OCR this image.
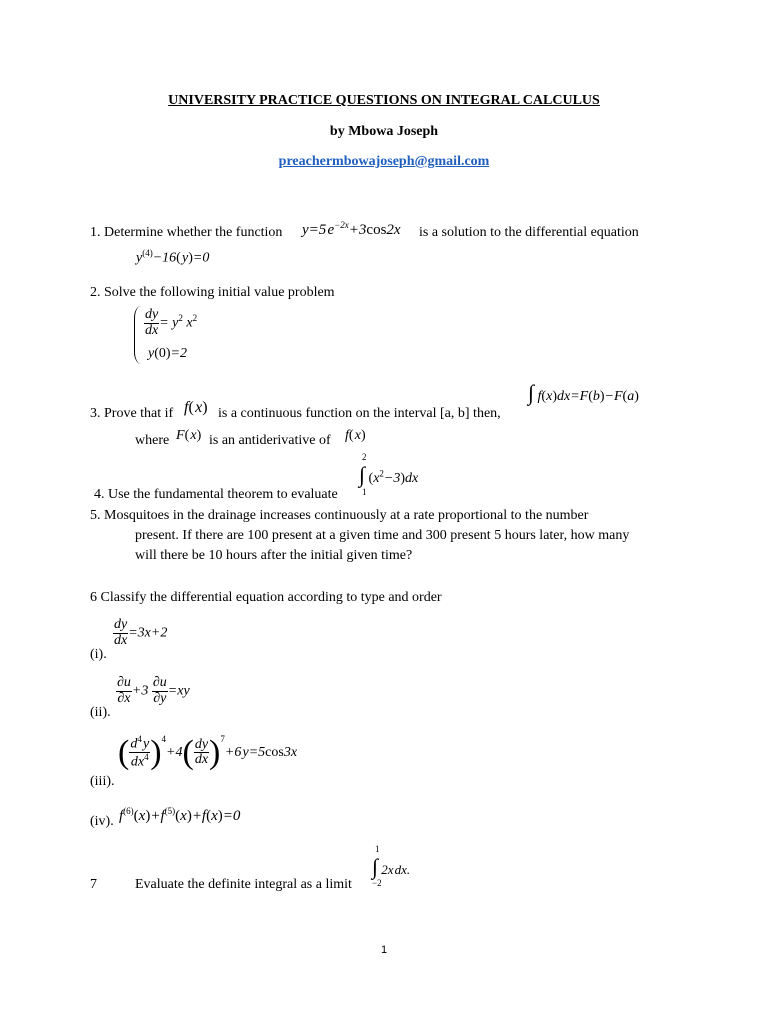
UNIVERSITY PRACTICE QUESTIONS ON INTEGRAL CALCULUS
by Mbowa Joseph
preachermbowajoseph@gmail.com
1. Determine whether the function y=5 $e^{-2x}+3\cos 2x$ is a solution to the differential equation
$y^{(4)}-16$( y)=0
2. Solve the following initial value problem
$\frac{dy}{dx} = y^2$ $x^2$
y(0)=2
∫ f(x)dx=F(b)−F(a)
3. Prove that if f( x) is a continuous function on the interval [a, b] then,
where F( x) is an antiderivative of f( x)
2
∫ $(x^2-3)dx$
1
4. Use the fundamental theorem to evaluate
5. Mosquitoes in the drainage increases continuously at a rate proportional to the number
present. If there are 100 present at a given time and 300 present 5 hours later, how many
will there be 10 hours after the initial given time?
6 Classify the differential equation according to type and order
(i).
$\frac{dy}{dx} =3x+2$
(ii).
$\frac{\partial u}{\partial x} +3 \frac{\partial u}{\partial y} =xy$
(iii).
( $\frac{d^4 y}{dx^4} )^4+4( \frac{dy}{dx} )^7+6$ y=5cos3x
(iv). $f^{(6)}(x)+f^{(5)}(x)+f(x)=0$
1
∫ 2x dx.
−2
7	Evaluate the definite integral as a limit
1
